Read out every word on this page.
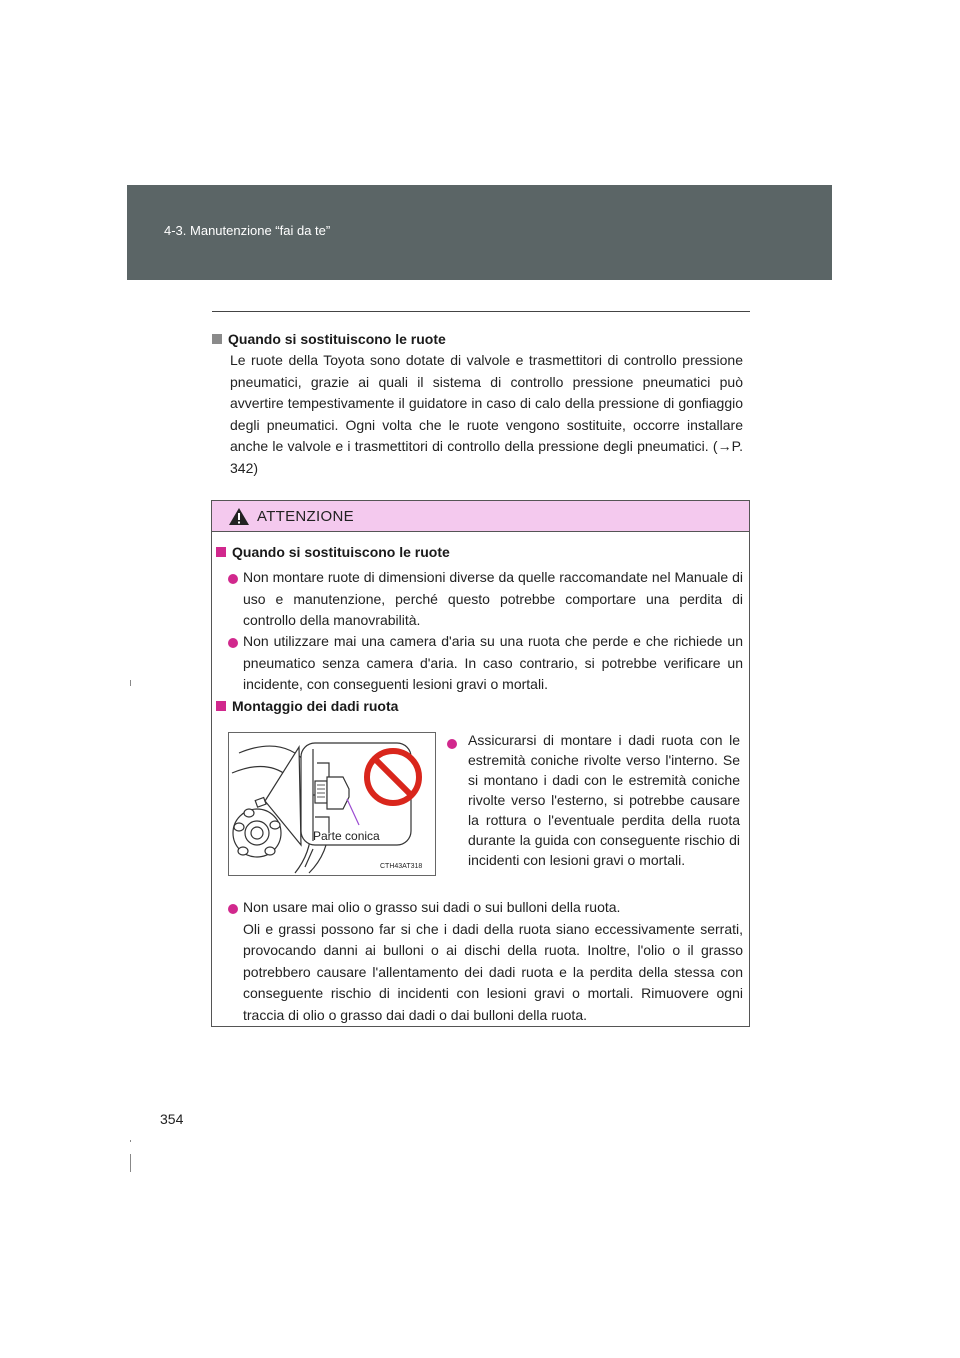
4-3. Manutenzione “fai da te”
Quando si sostituiscono le ruote
Le ruote della Toyota sono dotate di valvole e trasmettitori di controllo pressione pneumatici, grazie ai quali il sistema di controllo pressione pneumatici può avvertire tempestivamente il guidatore in caso di calo della pressione di gonfiaggio degli pneumatici. Ogni volta che le ruote vengono sostituite, occorre installare anche le valvole e i trasmettitori di controllo della pressione degli pneumatici. (→P. 342)
ATTENZIONE
Quando si sostituiscono le ruote
Non montare ruote di dimensioni diverse da quelle raccomandate nel Manuale di uso e manutenzione, perché questo potrebbe comportare una perdita di controllo della manovrabilità.
Non utilizzare mai una camera d'aria su una ruota che perde e che richiede un pneumatico senza camera d'aria. In caso contrario, si potrebbe verificare un incidente, con conseguenti lesioni gravi o mortali.
Montaggio dei dadi ruota
Parte conica
CTH43AT318
Assicurarsi di montare i dadi ruota con le estremità coniche rivolte verso l'interno. Se si montano i dadi con le estremità coniche rivolte verso l'esterno, si potrebbe causare la rottura o l'eventuale perdita della ruota durante la guida con conseguente rischio di incidenti con lesioni gravi o mortali.
Non usare mai olio o grasso sui dadi o sui bulloni della ruota.
Oli e grassi possono far si che i dadi della ruota siano eccessivamente serrati, provocando danni ai bulloni o ai dischi della ruota. Inoltre, l'olio o il grasso potrebbero causare l'allentamento dei dadi ruota e la perdita della stessa con conseguente rischio di incidenti con lesioni gravi o mortali. Rimuovere ogni traccia di olio o grasso dai dadi o dai bulloni della ruota.
354
